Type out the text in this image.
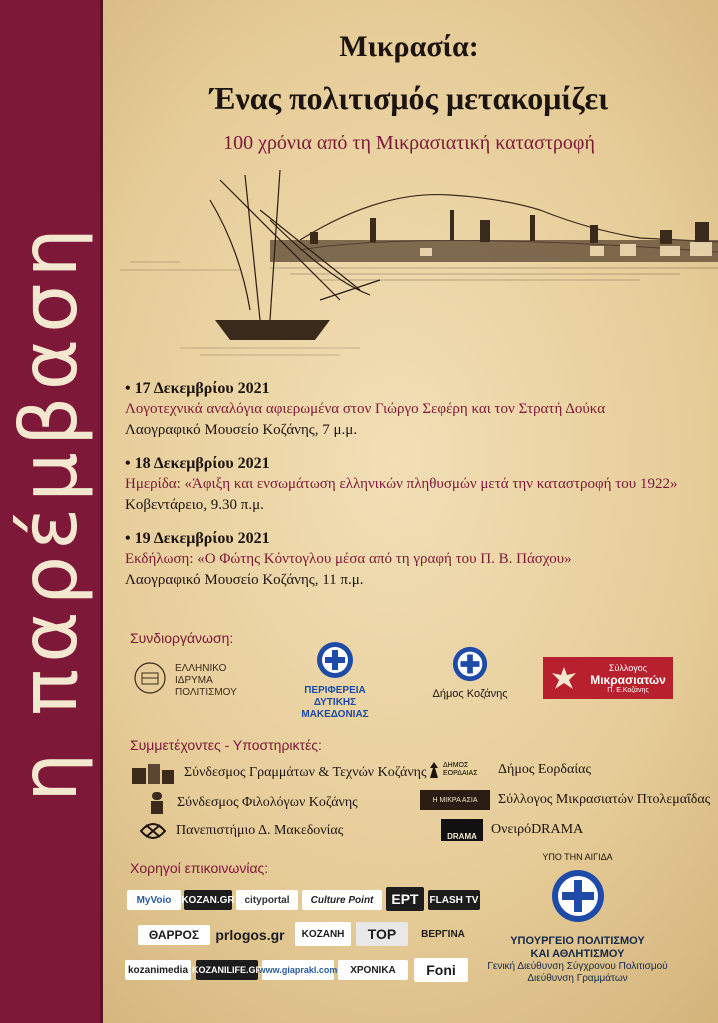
η παρέμβαση
Μικρασία:
Ένας πολιτισμός μετακομίζει
100 χρόνια από τη Μικρασιατική καταστροφή
• 17 Δεκεμβρίου 2021
Λογοτεχνικά αναλόγια αφιερωμένα στον Γιώργο Σεφέρη και τον Στρατή Δούκα
Λαογραφικό Μουσείο Κοζάνης, 7 μ.μ.
• 18 Δεκεμβρίου 2021
Ημερίδα: «Άφιξη και ενσωμάτωση ελληνικών πληθυσμών μετά την καταστροφή του 1922»
Κοβεντάρειο, 9.30 π.μ.
• 19 Δεκεμβρίου 2021
Εκδήλωση: «Ο Φώτης Κόντογλου μέσα από τη γραφή του Π. Β. Πάσχου»
Λαογραφικό Μουσείο Κοζάνης, 11 π.μ.
Συνδιοργάνωση:
ΕΛΛΗΝΙΚΟ
ΙΔΡΥΜΑ
ΠΟΛΙΤΙΣΜΟΥ	ΠΕΡΙΦΕΡΕΙΑ
ΔΥΤΙΚΗΣ ΜΑΚΕΔΟΝΙΑΣ
Δήμος Κοζάνης
Σύλλογος
Μικρασιατών
Π. Ε.Κοζάνης
Συμμετέχοντες - Υποστηρικτές:
Σύνδεσμος Γραμμάτων & Τεχνών Κοζάνης
Σύνδεσμος Φιλολόγων Κοζάνης
Πανεπιστήμιο Δ. Μακεδονίας
ΔΗΜΟΣ ΕΟΡΔΑΙΑΣ	Δήμος Εορδαίας
Η ΜΙΚΡΑ ΑΣΙΑ Σύλλογος Μικρασιατών Πτολεμαΐδας
DRAMA ΟνειρόDRAMA
Χορηγοί επικοινωνίας:
MyVoio KOZAN.GR cityportal	Culture Point	ΕΡΤ	FLASH TV
ΘΑΡΡΟΣ	prlogos.gr	KOZANH	ΤΟΡ	ΒΕΡΓΙΝΑ
kozanimedia KOZANILIFE.GR
www.giaprakl.com	ΧΡΟΝΙΚΑ	Foni
ΥΠΟ ΤΗΝ ΑΙΓΙΔΑ
ΥΠΟΥΡΓΕΙΟ ΠΟΛΙΤΙΣΜΟΥ
ΚΑΙ ΑΘΛΗΤΙΣΜΟΥ
Γενική Διεύθυνση Σύγχρονου Πολιτισμού
Διεύθυνση Γραμμάτων
